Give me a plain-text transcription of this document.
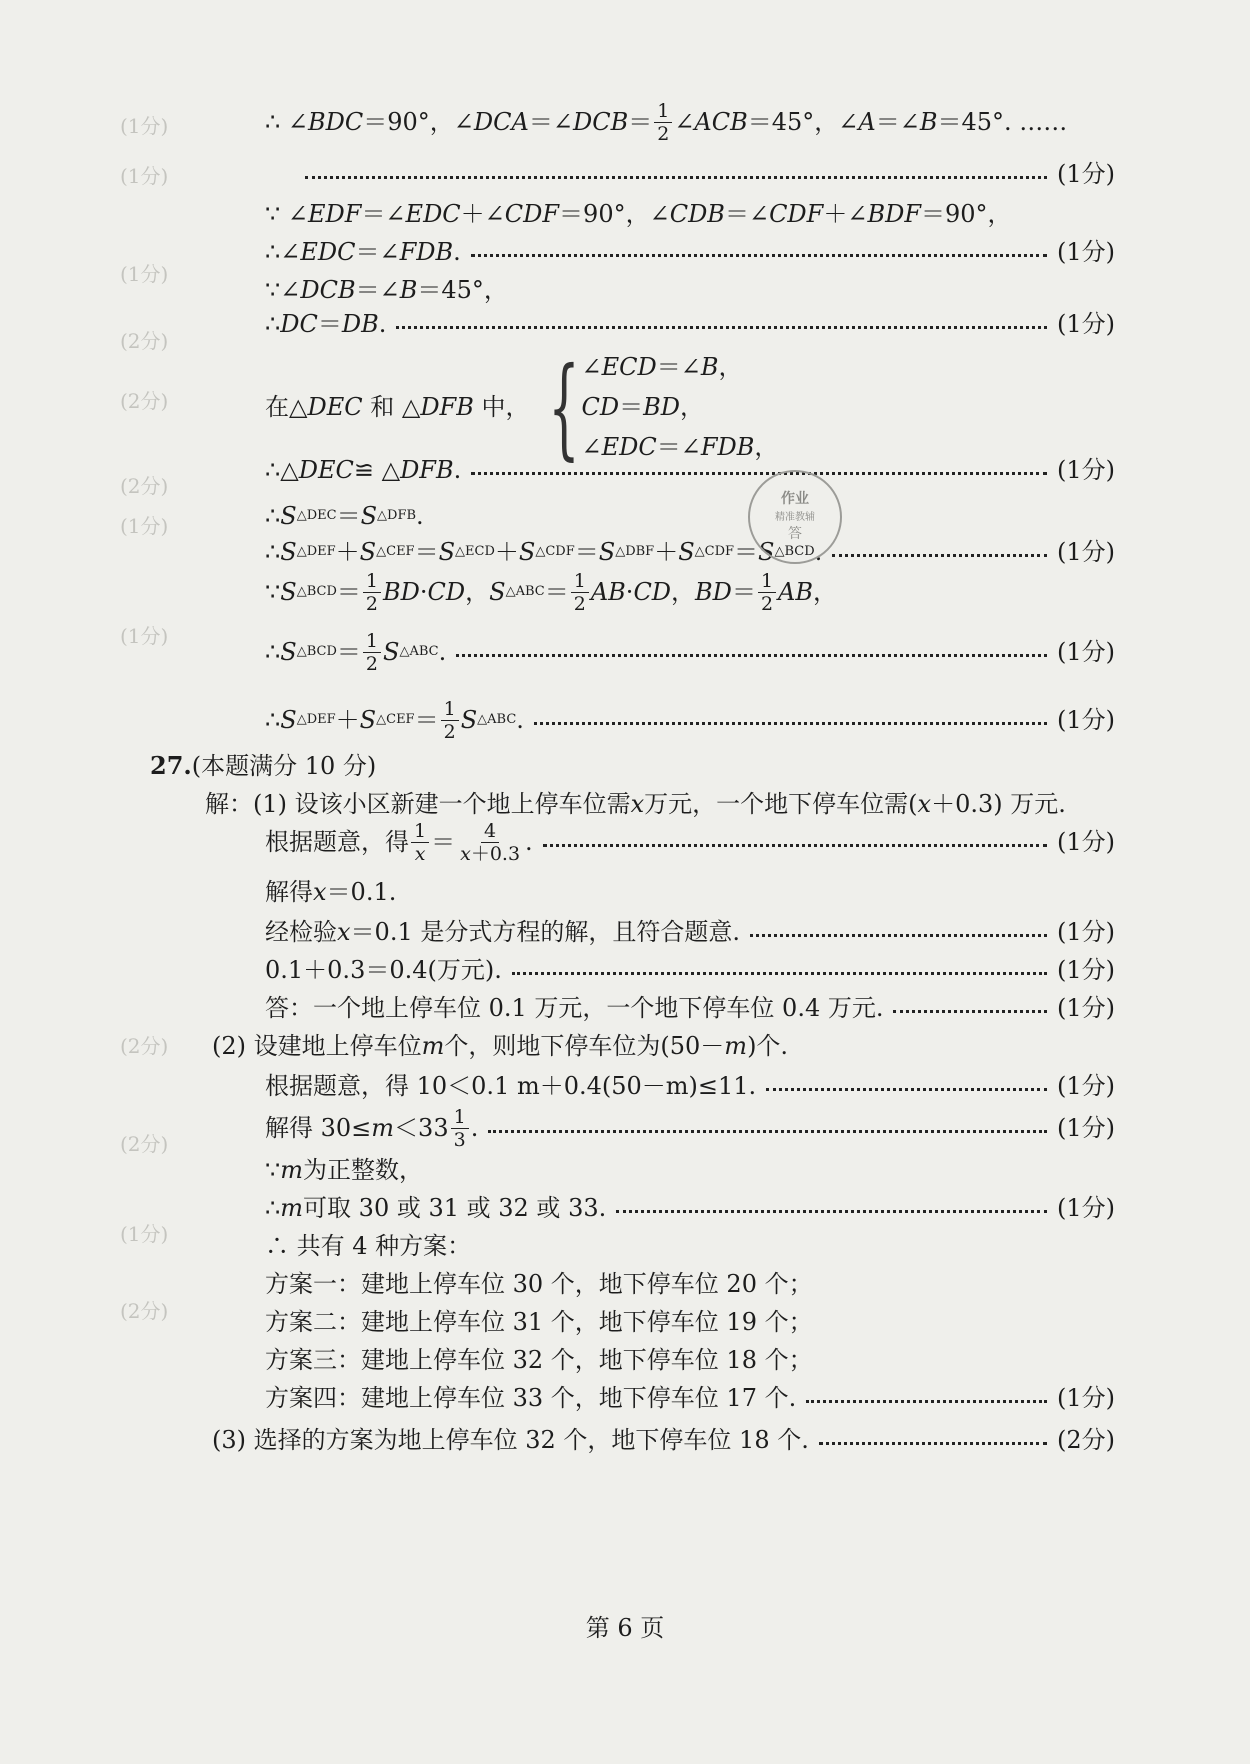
(1分)
(1分)
(1分)
(2分)
(2分)
(2分)
(1分)
(1分)
(2分)
(2分)
(1分)
(2分)
∴ ∠ BDC ＝90°，∠ DCA ＝∠ DCB ＝ $\frac{1}{2}$ ∠ ACB ＝45°，∠ A ＝∠ B ＝45°. ……
(1分)
∵ ∠ EDF ＝∠ EDC ＋∠ CDF ＝90°，∠ CDB ＝∠ CDF ＋∠ BDF ＝90°，
∴∠ EDC ＝∠ FDB .	(1分)
∵∠ DCB ＝∠ B ＝45°，
∴ DC ＝ DB .	(1分)
∴△ DEC ≌ △ DFB .	(1分)
∴ S △DEC ＝ S △DFB .
∴ S △DEF ＋ S △CEF ＝ S △ECD ＋ S △CDF ＝ S △DBF ＋ S △CDF ＝ S △BCD .	(1分)
∵ S △BCD ＝ $\frac{1}{2}$ BD · CD ， S △ABC ＝ $\frac{1}{2}$ AB · CD ， BD ＝ $\frac{1}{2}$ AB ，
∴ S △BCD ＝ $\frac{1}{2}$ S △ABC .	(1分)
∴ S △DEF ＋ S △CEF ＝ $\frac{1}{2}$ S △ABC .	(1分)
27. (本题满分 10 分)
解：(1) 设该小区新建一个地上停车位需 x 万元，一个地下停车位需( x ＋0.3) 万元.
根据题意，得 $\frac{1}{x} = \frac{4}{x+0.3}$ .	(1分)
解得 x ＝0.1.
经检验 x ＝0.1 是分式方程的解，且符合题意.	(1分)
0.1＋0.3＝0.4(万元).	(1分)
答：一个地上停车位 0.1 万元，一个地下停车位 0.4 万元.	(1分)
(2) 设建地上停车位 m 个，则地下停车位为(50－ m )个.
根据题意，得 10＜0.1 m＋0.4(50－m)≤11.	(1分)
解得 $30\le m <33 \frac{1}{3}$ .	(1分)
∵ m 为正整数，
∴ m 可取 30 或 31 或 32 或 33.	(1分)
∴ 共有 4 种方案：
方案一：建地上停车位 30 个，地下停车位 20 个；
方案二：建地上停车位 31 个，地下停车位 19 个；
方案三：建地上停车位 32 个，地下停车位 18 个；
方案四：建地上停车位 33 个，地下停车位 17 个.	(1分)
(3) 选择的方案为地上停车位 32 个，地下停车位 18 个.	(2分)
在△DEC 和 △DFB 中， { ∠ECD＝∠B，
CD＝BD，
∠EDC＝∠FDB，
作业
精准教辅
答
第 6 页
